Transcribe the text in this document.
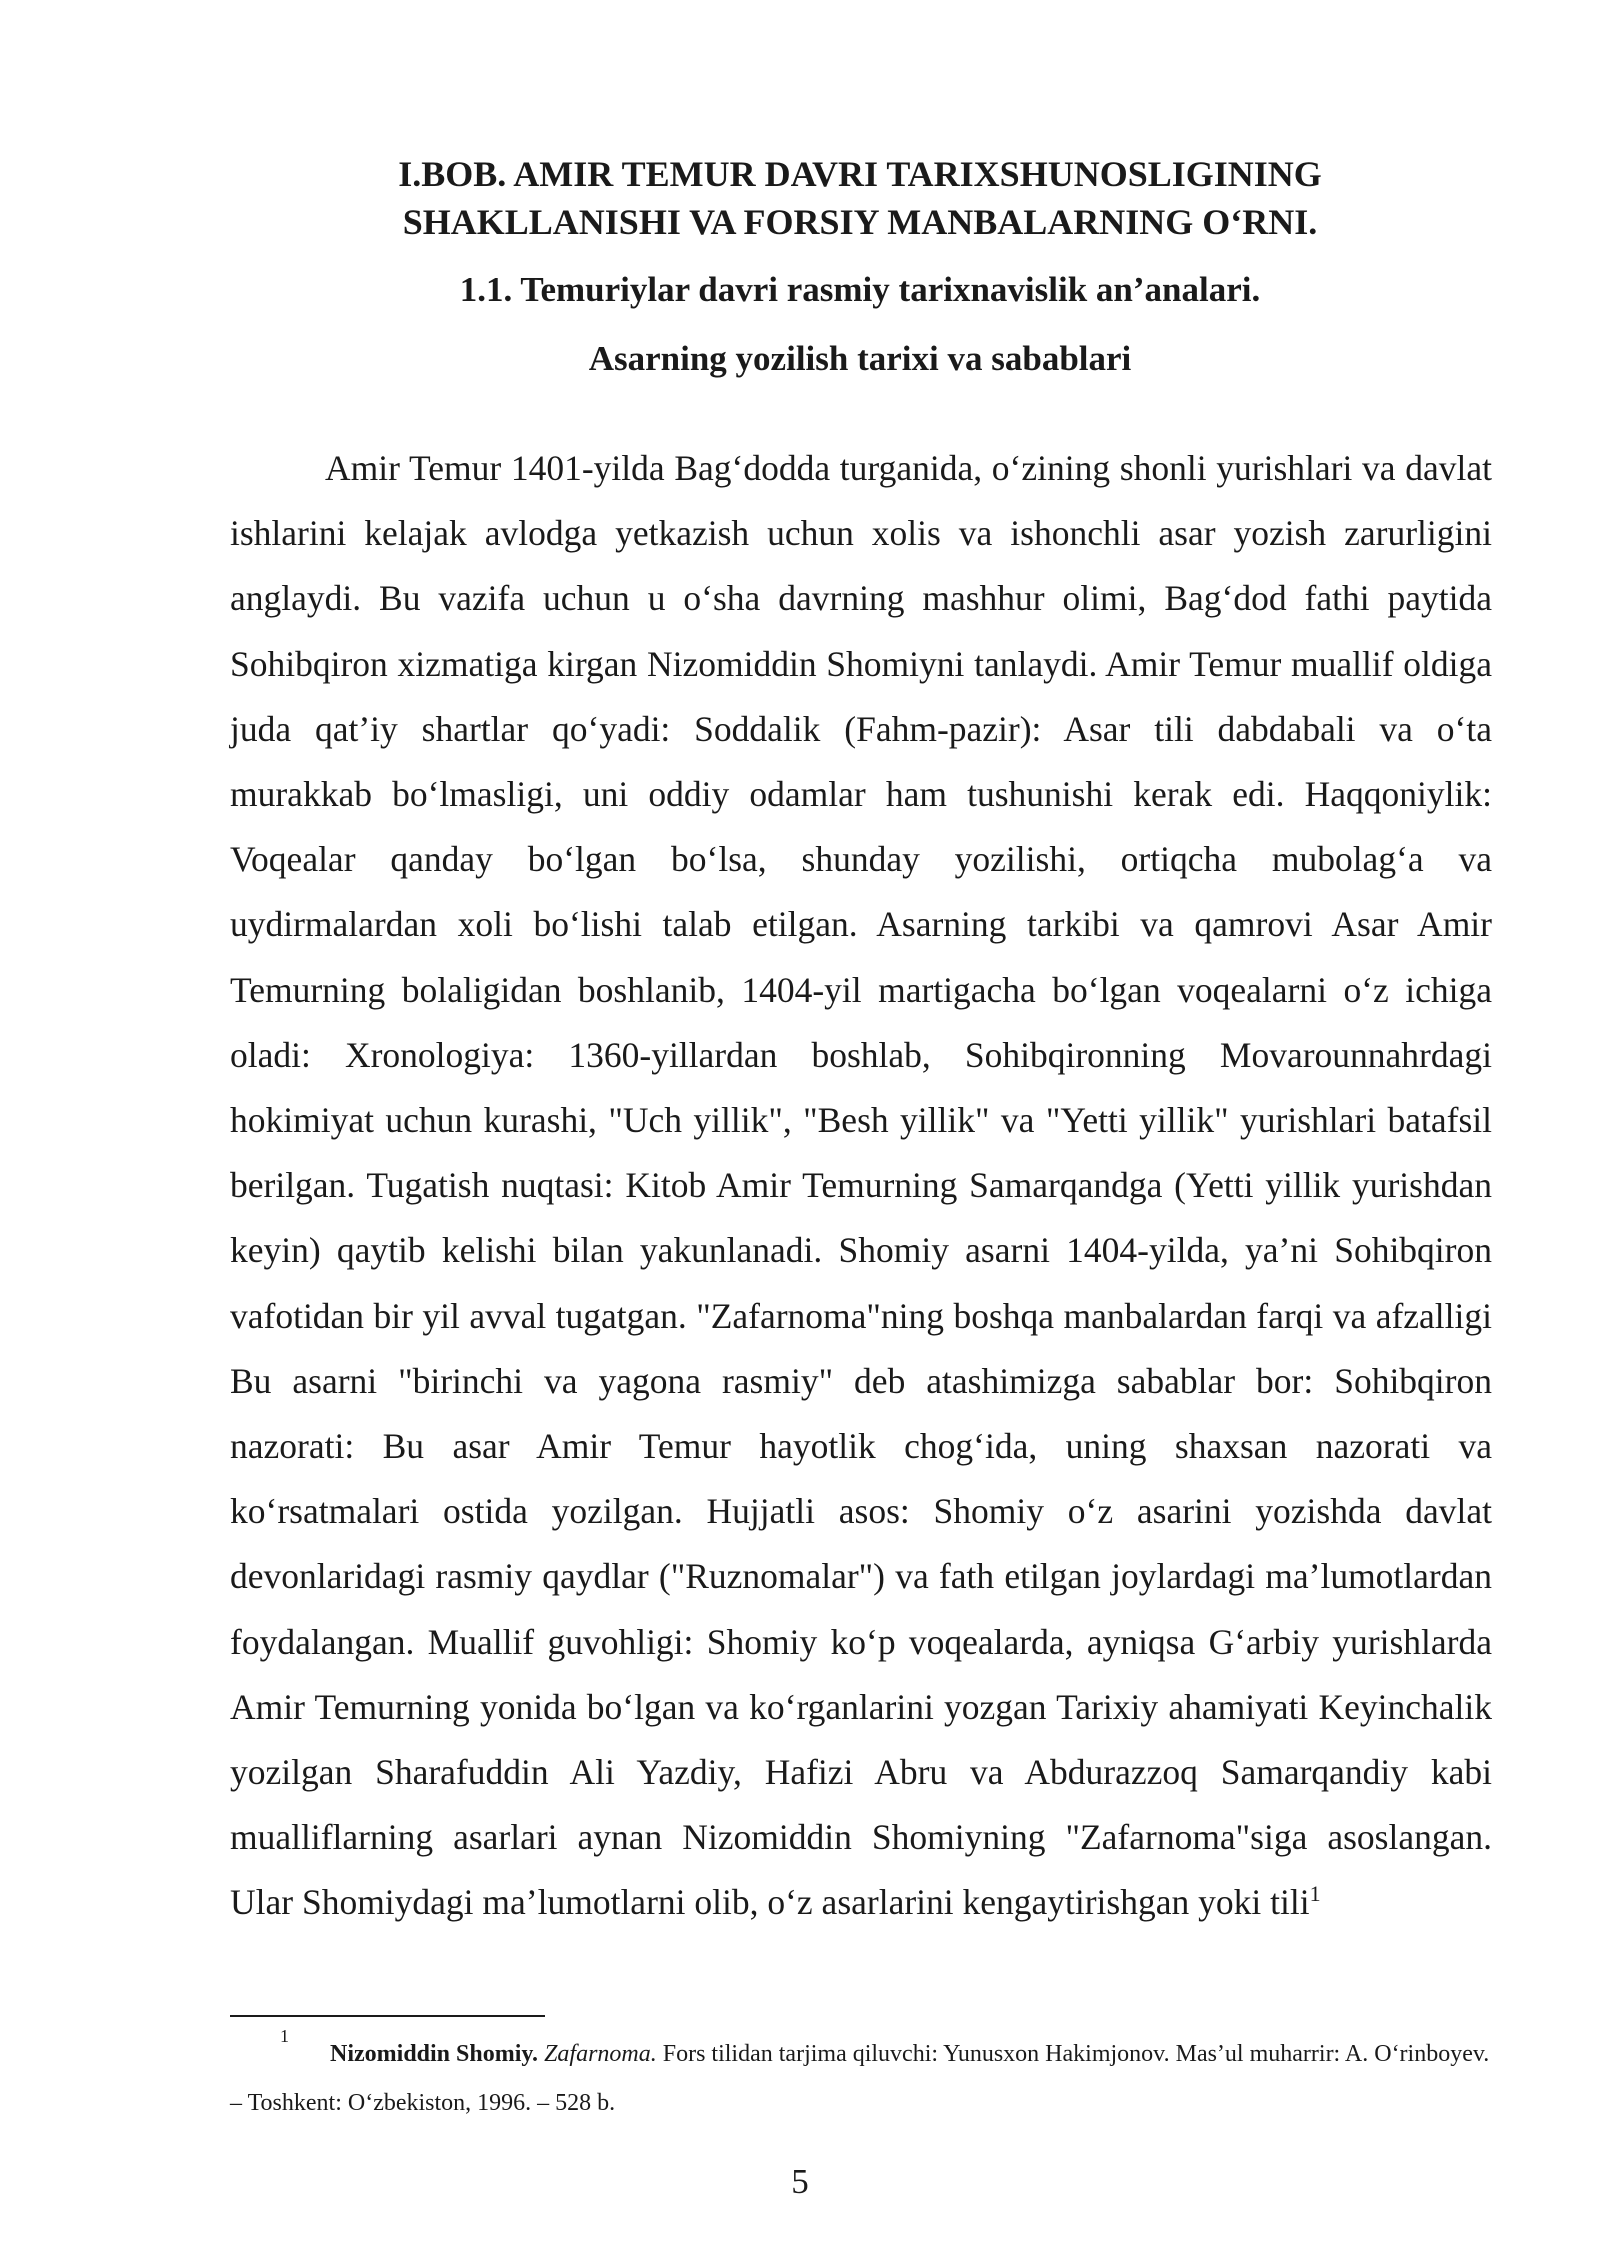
I.BOB. AMIR TEMUR DAVRI TARIXSHUNOSLIGINING
SHAKLLANISHI VA FORSIY MANBALARNING O‘RNI.
1.1. Temuriylar davri rasmiy tarixnavislik an’analari.
Asarning yozilish tarixi va sabablari

Amir Temur 1401-yilda Bag‘dodda turganida, o‘zining shonli yurishlari va davlat ishlarini kelajak avlodga yetkazish uchun xolis va ishonchli asar yozish zarurligini anglaydi. Bu vazifa uchun u o‘sha davrning mashhur olimi, Bag‘dod fathi paytida Sohibqiron xizmatiga kirgan Nizomiddin Shomiyni tanlaydi. Amir Temur muallif oldiga juda qat’iy shartlar qo‘yadi: Soddalik (Fahm-pazir): Asar tili dabdabali va o‘ta murakkab bo‘lmasligi, uni oddiy odamlar ham tushunishi kerak edi. Haqqoniylik: Voqealar qanday bo‘lgan bo‘lsa, shunday yozilishi, ortiqcha mubolag‘a va uydirmalardan xoli bo‘lishi talab etilgan. Asarning tarkibi va qamrovi Asar Amir Temurning bolaligidan boshlanib, 1404-yil martigacha bo‘lgan voqealarni o‘z ichiga oladi: Xronologiya: 1360-yillardan boshlab, Sohibqironning Movarounnahrdagi hokimiyat uchun kurashi, "Uch yillik", "Besh yillik" va "Yetti yillik" yurishlari batafsil berilgan. Tugatish nuqtasi: Kitob Amir Temurning Samarqandga (Yetti yillik yurishdan keyin) qaytib kelishi bilan yakunlanadi. Shomiy asarni 1404-yilda, ya’ni Sohibqiron vafotidan bir yil avval tugatgan. "Zafarnoma"ning boshqa manbalardan farqi va afzalligi Bu asarni "birinchi va yagona rasmiy" deb atashimizga sabablar bor: Sohibqiron nazorati: Bu asar Amir Temur hayotlik chog‘ida, uning shaxsan nazorati va ko‘rsatmalari ostida yozilgan. Hujjatli asos: Shomiy o‘z asarini yozishda davlat devonlaridagi rasmiy qaydlar ("Ruznomalar") va fath etilgan joylardagi ma’lumotlardan foydalangan. Muallif guvohligi: Shomiy ko‘p voqealarda, ayniqsa G‘arbiy yurishlarda Amir Temurning yonida bo‘lgan va ko‘rganlarini yozgan Tarixiy ahamiyati Keyinchalik yozilgan Sharafuddin Ali Yazdiy, Hafizi Abru va Abdurazzoq Samarqandiy kabi mualliflarning asarlari aynan Nizomiddin Shomiyning "Zafarnoma"siga asoslangan. Ular Shomiydagi ma’lumotlarni olib, o‘z asarlarini kengaytirishgan yoki tili$^1$

1

Nizomiddin Shomiy. Zafarnoma. Fors tilidan tarjima qiluvchi: Yunusxon Hakimjonov. Mas’ul muharrir: A. O‘rinboyev. – Toshkent: O‘zbekiston, 1996. – 528 b.

5
